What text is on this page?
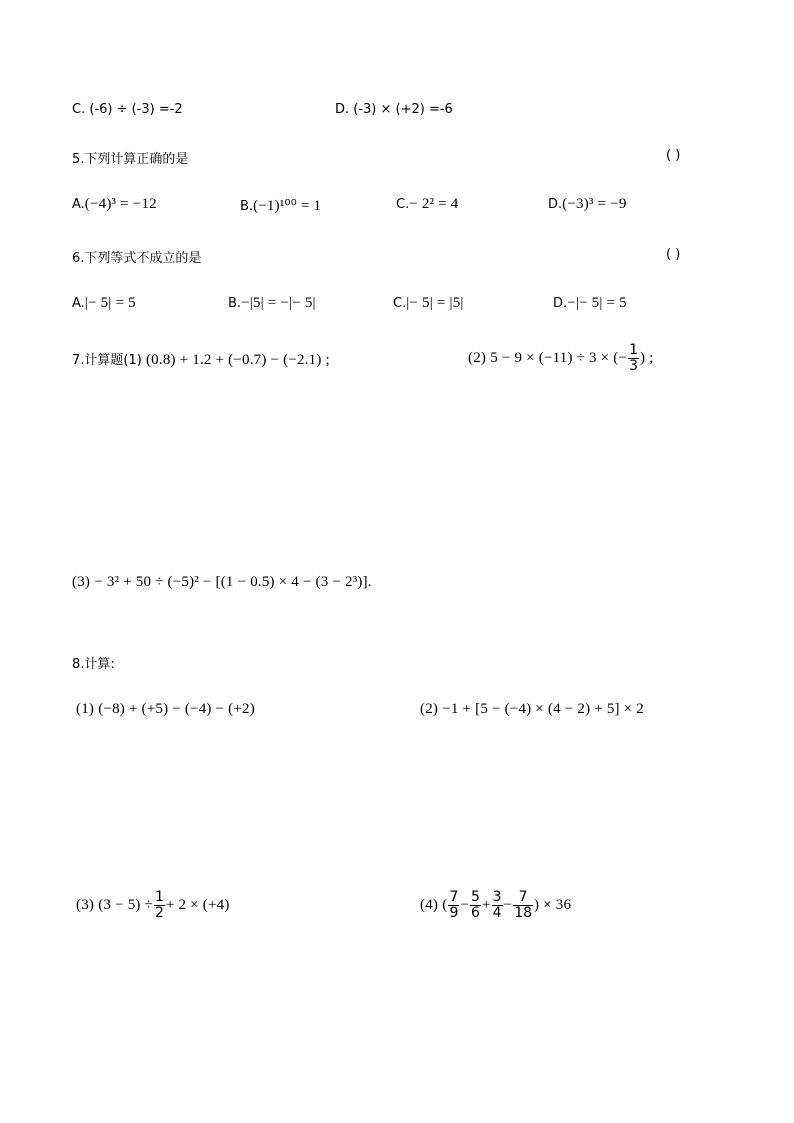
C. (-6) ÷ (-3) =-2	D. (-3) × (+2) =-6
5.下列计算正确的是	( )
A.(−4)³ = −12	B.(−1)¹⁰⁰ = 1	C.− 2² = 4	D.(−3)³ = −9
6.下列等式不成立的是	( )
A.|− 5| = 5	B.−|5| = −|− 5|	C.|− 5| = |5|	D.−|− 5| = 5
7.计算题(1) (0.8) + 1.2 + (−0.7) − (−2.1) ;	(2) 5 − 9 × (−11) ÷ 3 × (− $\frac{1}{3}$ ) ;
(3) − 3² + 50 ÷ (−5)² − [(1 − 0.5) × 4 − (3 − 2³)].
8.计算:
(1) (−8) + (+5) − (−4) − (+2)	(2) −1 + [5 − (−4) × (4 − 2) + 5] × 2
(3) $(3 - 5) \div \frac{1}{2} + 2 \times (+4)$	(4) ( $\frac{7}{9} - \frac{5}{6} + \frac{3}{4} - \frac{7}{18}$ ) × 36
